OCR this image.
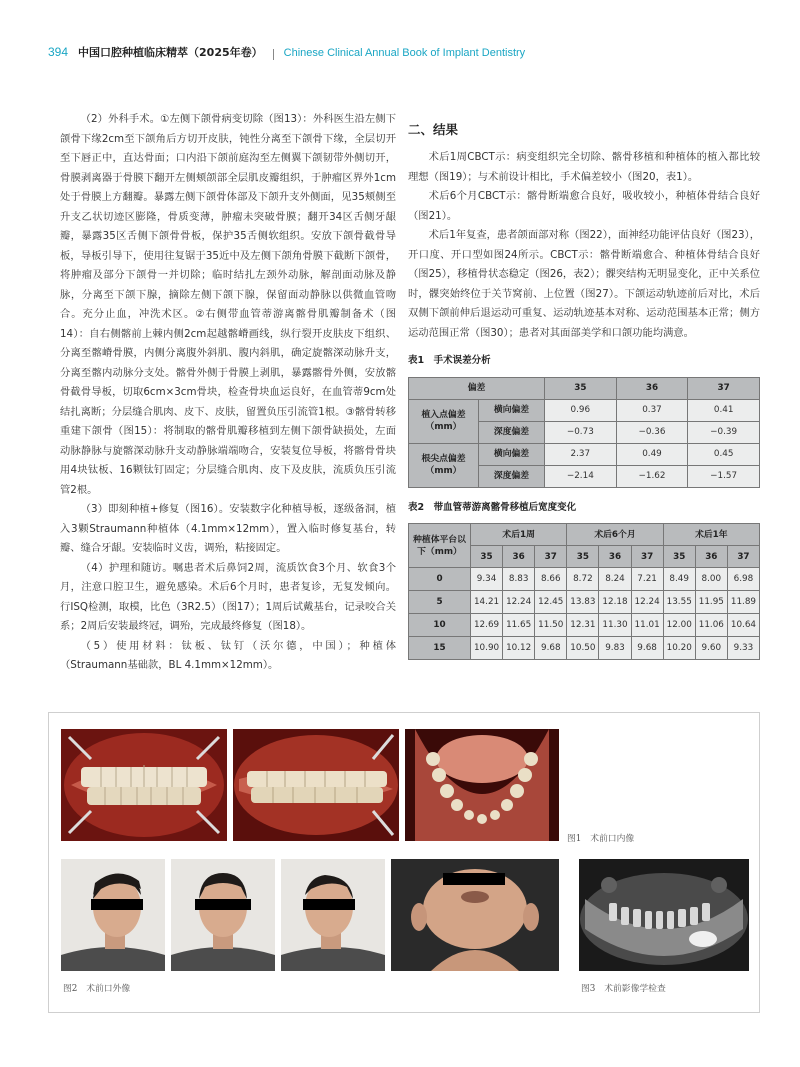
394 中国口腔种植临床精萃（2025年卷） Chinese Clinical Annual Book of Implant Dentistry

（2）外科手术。①左侧下颌骨病变切除（图13）：外科医生沿左侧下颌骨下缘2cm至下颌角后方切开皮肤，钝性分离至下颌骨下缘，全层切开至下唇正中，直达骨面；口内沿下颌前庭沟至左侧翼下颌韧带外侧切开，骨膜剥离器于骨膜下翻开左侧颊颌部全层肌皮瓣组织，于肿瘤区界外1cm处于骨膜上方翻瓣。暴露左侧下颌骨体部及下颌升支外侧面，见35颊侧至升支乙状切迹区膨隆，骨质变薄，肿瘤未突破骨膜；翻开34区舌侧牙龈瓣，暴露35区舌侧下颌骨骨板，保护35舌侧软组织。安放下颌骨截骨导板，导板引导下，使用往复锯于35近中及左侧下颌角骨膜下截断下颌骨，将肿瘤及部分下颌骨一并切除；临时结扎左颈外动脉，解剖面动脉及静脉，分离至下颌下腺，摘除左侧下颌下腺，保留面动静脉以供微血管吻合。充分止血，冲洗术区。②右侧带血管蒂游离髂骨肌瓣制备术（图14）：自右侧髂前上棘内侧2cm起越髂嵴画线，纵行裂开皮肤皮下组织、分离至髂嵴骨膜，内侧分离腹外斜肌、腹内斜肌，确定旋髂深动脉升支，分离至髂内动脉分支处。髂骨外侧于骨膜上剥肌，暴露髂骨外侧，安放髂骨截骨导板，切取6cm×3cm骨块，检查骨块血运良好，在血管蒂9cm处结扎离断；分层缝合肌肉、皮下、皮肤，留置负压引流管1根。③髂骨转移重建下颌骨（图15）：将制取的髂骨肌瓣移植到左侧下颌骨缺损处，左面动脉静脉与旋髂深动脉升支动静脉端端吻合，安装复位导板，将髂骨骨块用4块钛板、16颗钛钉固定；分层缝合肌肉、皮下及皮肤，流质负压引流管2根。

（3）即刻种植+修复（图16）。安装数字化种植导板，逐级备洞，植入3颗Straumann种植体（4.1mm×12mm），置入临时修复基台，转瓣、缝合牙龈。安装临时义齿，调殆，粘接固定。

（4）护理和随访。嘱患者术后鼻饲2周，流质饮食3个月、软食3个月，注意口腔卫生，避免感染。术后6个月时，患者复诊，无复发倾向。行ISQ检测，取模，比色（3R2.5）（图17）；1周后试戴基台，记录咬合关系；2周后安装最终冠，调殆，完成最终修复（图18）。

（5）使用材料：钛板、钛钉（沃尔德，中国）；种植体（Straumann基础款，BL 4.1mm×12mm）。

二、结果

术后1周CBCT示：病变组织完全切除、髂骨移植和种植体的植入都比较理想（图19）；与术前设计相比，手术偏差较小（图20，表1）。

术后6个月CBCT示：髂骨断端愈合良好，吸收较小，种植体骨结合良好（图21）。

术后1年复查，患者颌面部对称（图22），面神经功能评估良好（图23），开口度、开口型如图24所示。CBCT示：髂骨断端愈合、种植体骨结合良好（图25），移植骨状态稳定（图26，表2）；髁突结构无明显变化，正中关系位时，髁突始终位于关节窝前、上位置（图27）。下颌运动轨迹前后对比，术后双侧下颌前伸后退运动可重复、运动轨迹基本对称、运动范围基本正常；侧方运动范围正常（图30）；患者对其面部美学和口颌功能均满意。

表1　手术误差分析
偏差		35	36	37
植入点偏差（mm）	横向偏差	0.96	0.37	0.41
	深度偏差	−0.73	−0.36	−0.39
根尖点偏差（mm）	横向偏差	2.37	0.49	0.45
	深度偏差	−2.14	−1.62	−1.57
表2　带血管蒂游离髂骨移植后宽度变化
种植体平台以下（mm）	术后1周			术后6个月			术后1年		
	35	36	37	35	36	37	35	36	37
0	9.34	8.83	8.66	8.72	8.24	7.21	8.49	8.00	6.98
5	14.21	12.24	12.45	13.83	12.18	12.24	13.55	11.95	11.89
10	12.69	11.65	11.50	12.31	11.30	11.01	12.00	11.06	10.64
15	10.90	10.12	9.68	10.50	9.83	9.68	10.20	9.60	9.33
图1　术前口内像
图2　术前口外像	图3　术前影像学检查
